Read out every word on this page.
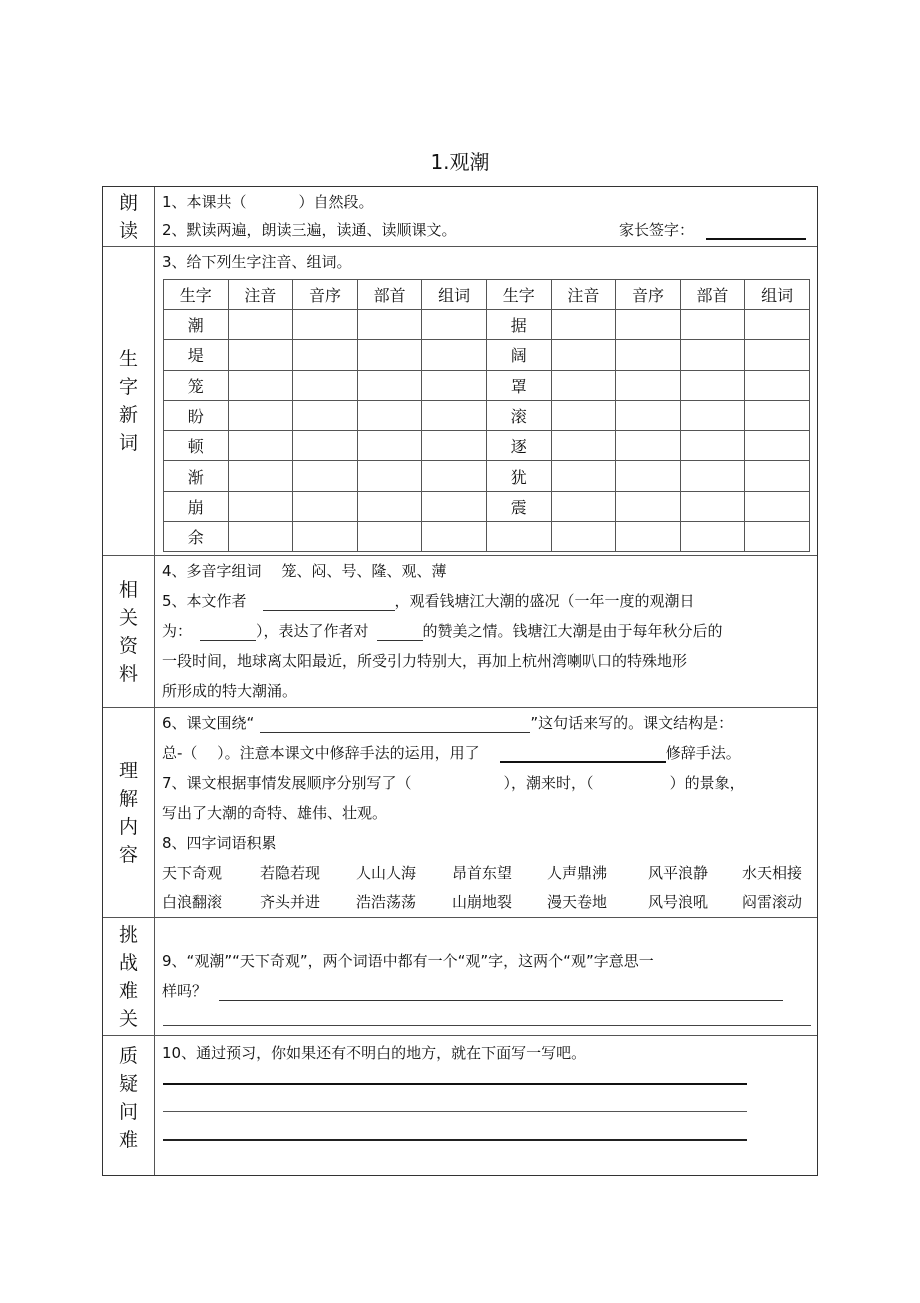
1.观潮
朗
读
1、本课共（	）自然段。
2、默读两遍，朗读三遍，读通、读顺课文。	家长签字：
生
字
新
词
3、给下列生字注音、组词。
生字	注音	音序	部首	组词	生字	注音	音序	部首	组词
潮					据				
堤					阔				
笼					罩				
盼					滚				
顿					逐				
渐					犹				
崩					震				
余									
相
关
资
料
4、多音字组词 笼、闷、号、隆、观、薄
5、本文作者	，观看钱塘江大潮的盛况（一年一度的观潮日
为：	），表达了作者对	的赞美之情。钱塘江大潮是由于每年秋分后的
一段时间，地球离太阳最近，所受引力特别大，再加上杭州湾喇叭口的特殊地形
所形成的特大潮涌。
理
解
内
容
6、课文围绕“	”这句话来写的。课文结构是：
总-（　 ）。注意本课文中修辞手法的运用，用了	修辞手法。
7、课文根据事情发展顺序分别写了（	），潮来时，（	）的景象，
写出了大潮的奇特、雄伟、壮观。
8、四字词语积累
天下奇观	若隐若现 人山人海 昂首东望 人声鼎沸	风平浪静 水天相接
白浪翻滚	齐头并进 浩浩荡荡 山崩地裂 漫天卷地	风号浪吼 闷雷滚动
挑
战
难
关
9、“观潮”“天下奇观”，两个词语中都有一个“观”字，这两个“观”字意思一
样吗？
质
疑
问
难
10、通过预习，你如果还有不明白的地方，就在下面写一写吧。
